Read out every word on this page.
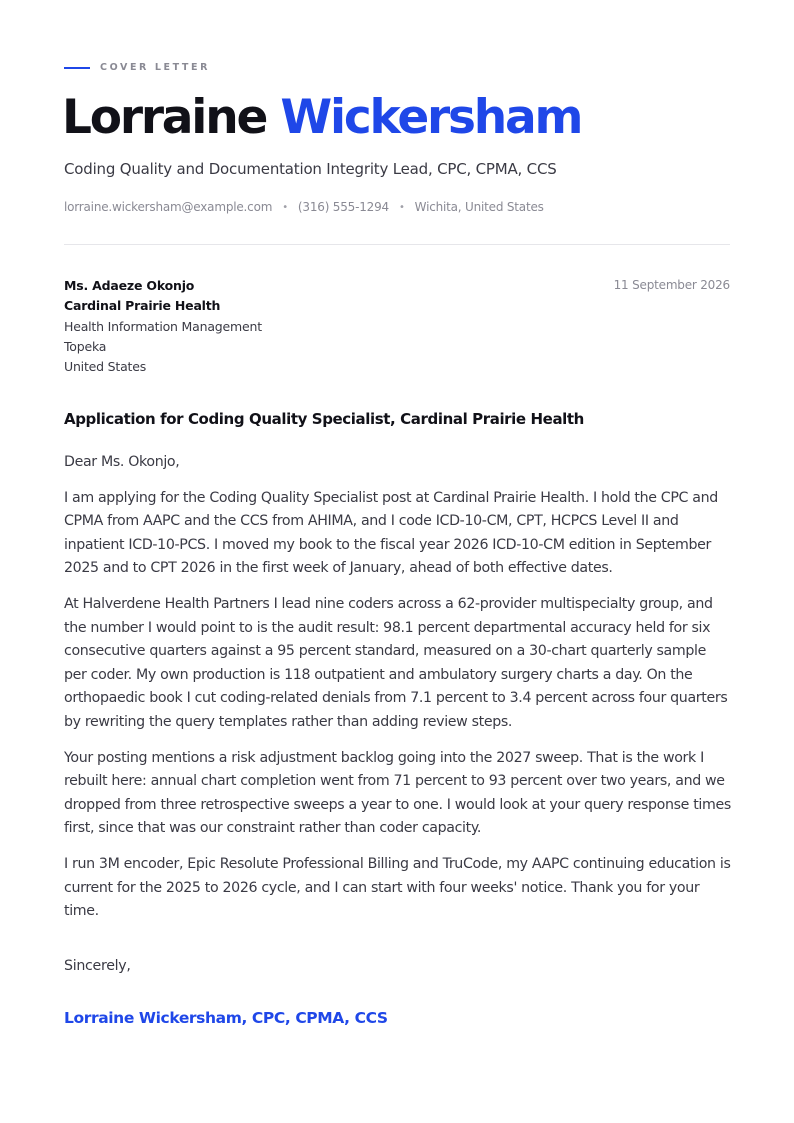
COVER LETTER
Lorraine Wickersham
Coding Quality and Documentation Integrity Lead, CPC, CPMA, CCS
lorraine.wickersham@example.com • (316) 555-1294 • Wichita, United States
Ms. Adaeze Okonjo
Cardinal Prairie Health
Health Information Management
Topeka
United States
11 September 2026
Application for Coding Quality Specialist, Cardinal Prairie Health

Dear Ms. Okonjo,

I am applying for the Coding Quality Specialist post at Cardinal Prairie Health. I hold the CPC and CPMA from AAPC and the CCS from AHIMA, and I code ICD-10-CM, CPT, HCPCS Level II and inpatient ICD-10-PCS. I moved my book to the fiscal year 2026 ICD-10-CM edition in September 2025 and to CPT 2026 in the first week of January, ahead of both effective dates.

At Halverdene Health Partners I lead nine coders across a 62-provider multispecialty group, and the number I would point to is the audit result: 98.1 percent departmental accuracy held for six consecutive quarters against a 95 percent standard, measured on a 30-chart quarterly sample per coder. My own production is 118 outpatient and ambulatory surgery charts a day. On the orthopaedic book I cut coding-related denials from 7.1 percent to 3.4 percent across four quarters by rewriting the query templates rather than adding review steps.

Your posting mentions a risk adjustment backlog going into the 2027 sweep. That is the work I rebuilt here: annual chart completion went from 71 percent to 93 percent over two years, and we dropped from three retrospective sweeps a year to one. I would look at your query response times first, since that was our constraint rather than coder capacity.

I run 3M encoder, Epic Resolute Professional Billing and TruCode, my AAPC continuing education is current for the 2025 to 2026 cycle, and I can start with four weeks' notice. Thank you for your time.

Sincerely,
Lorraine Wickersham, CPC, CPMA, CCS
